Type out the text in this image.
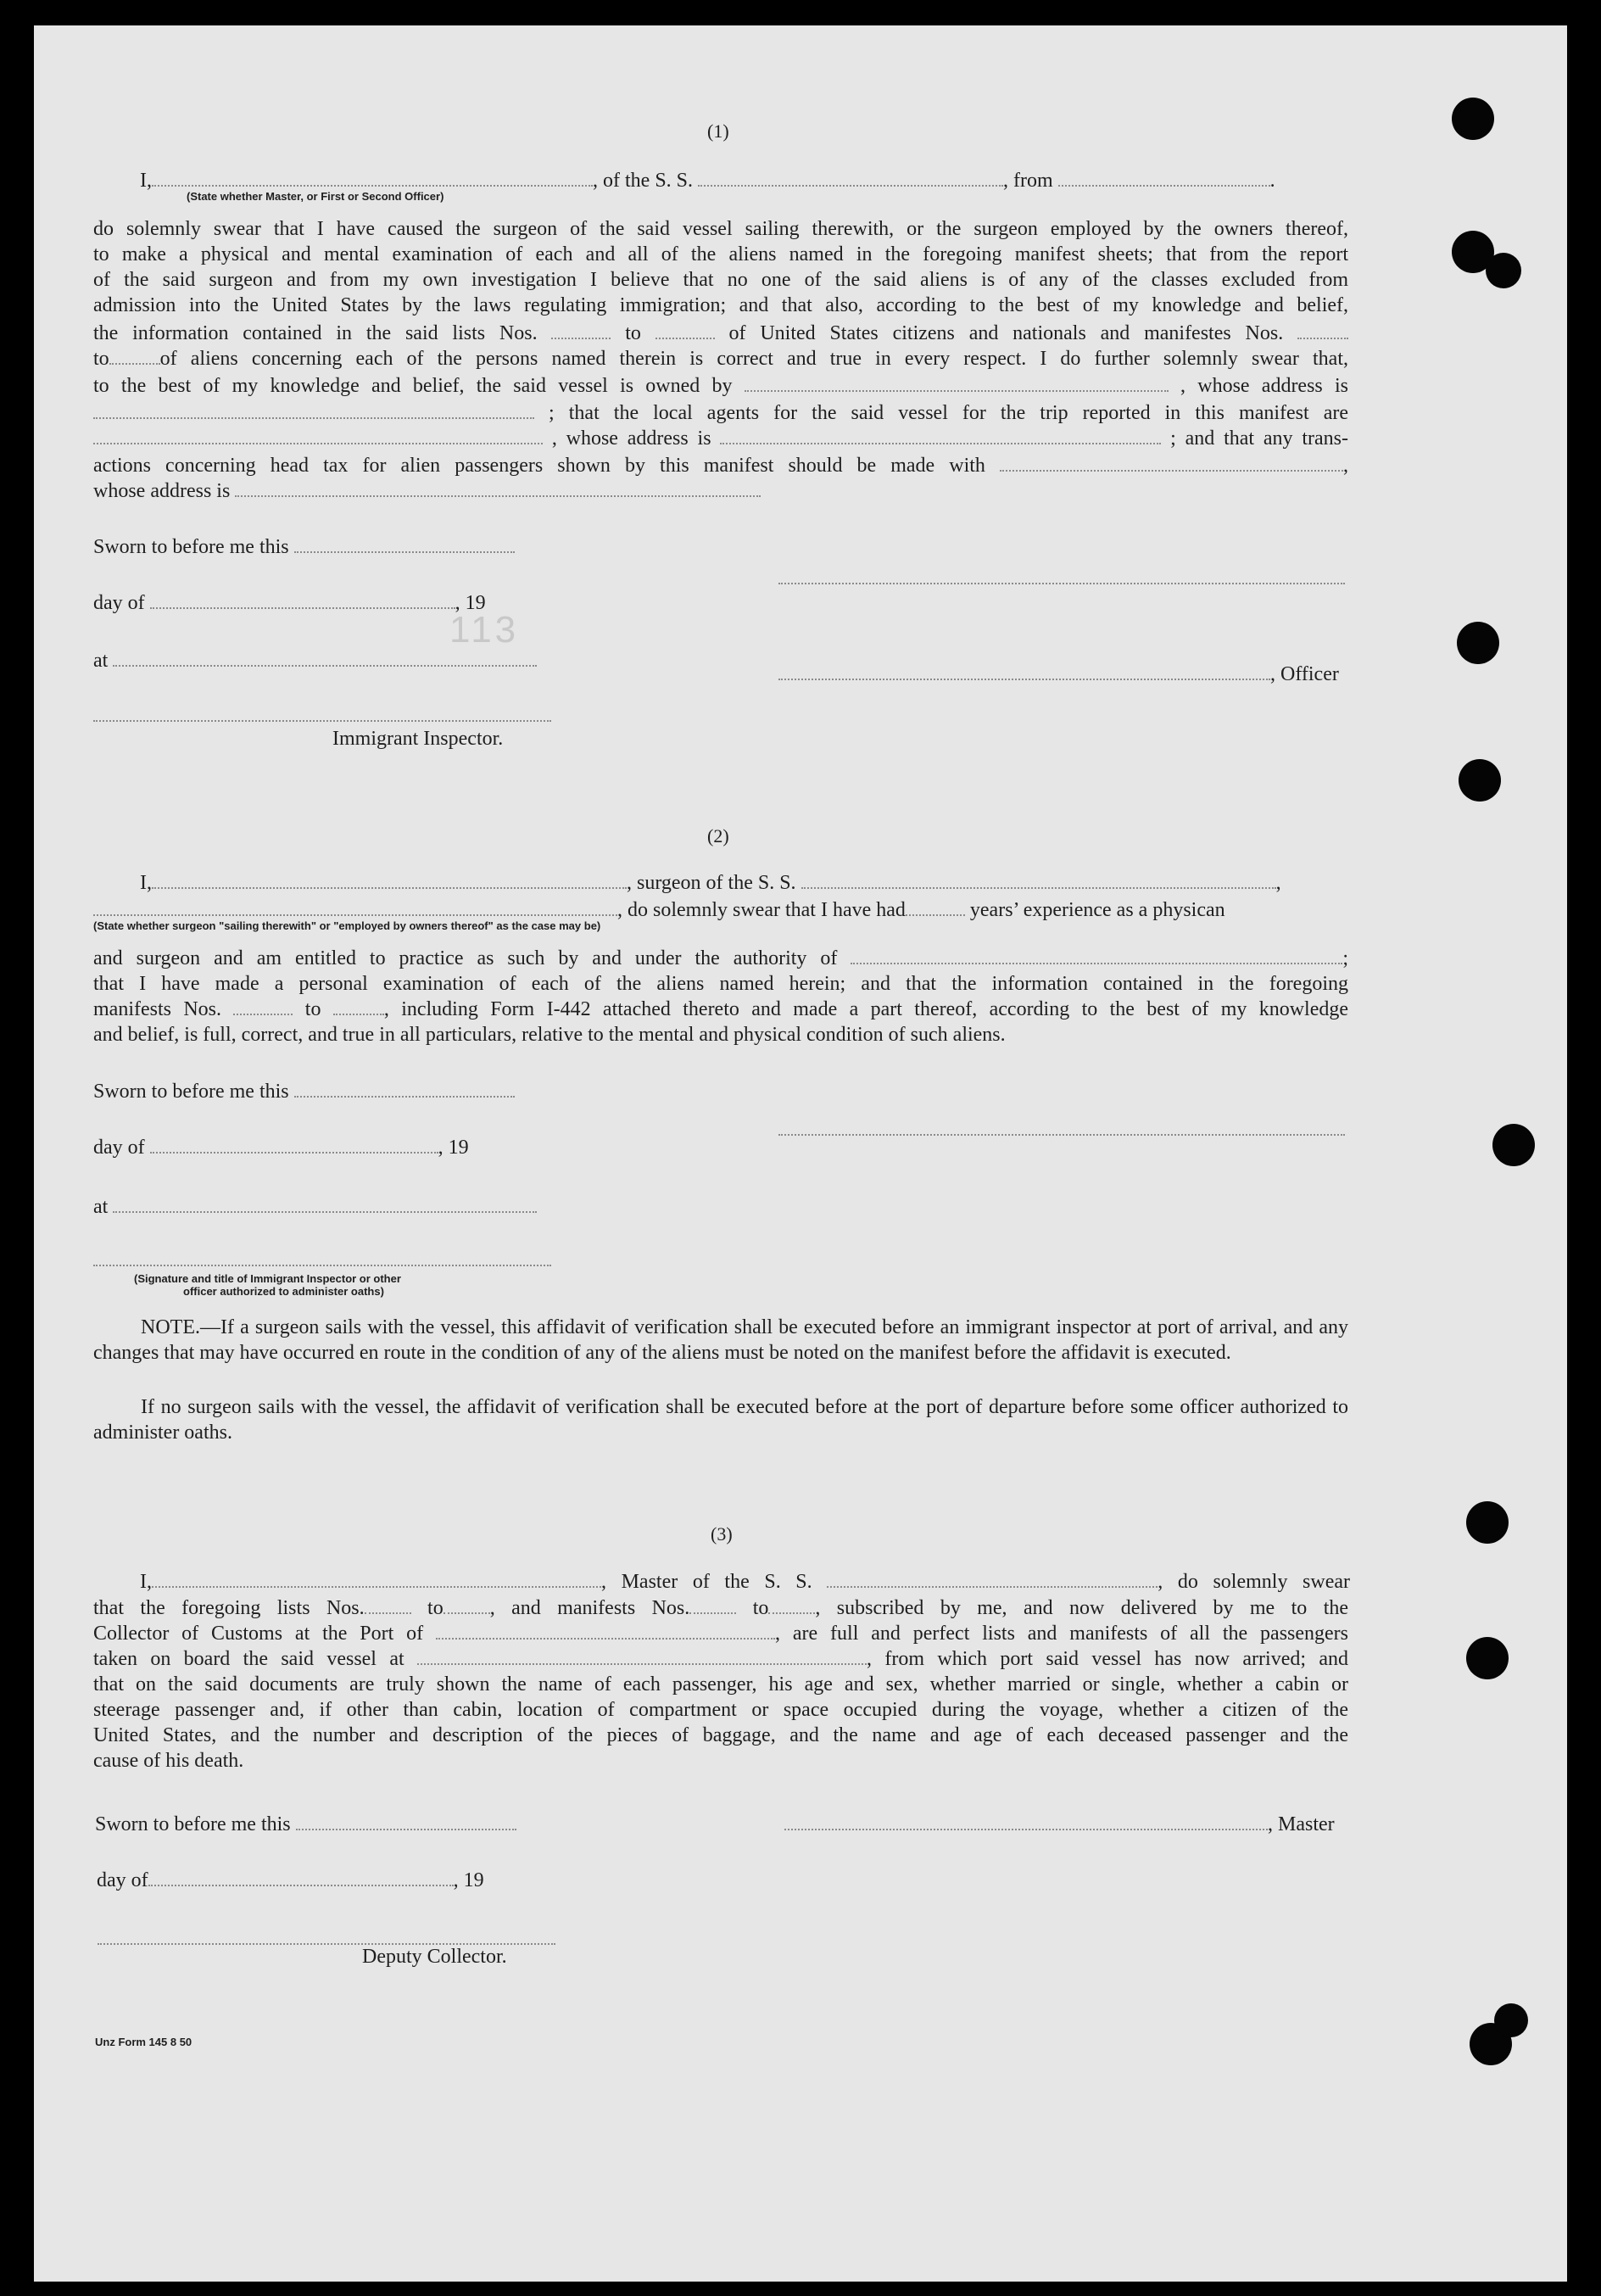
(1)
I,	, of the S. S.	, from	.
(State whether Master, or First or Second Officer)
do solemnly swear that I have caused the surgeon of the said vessel sailing therewith, or the surgeon employed by the owners thereof,
to make a physical and mental examination of each and all of the aliens named in the foregoing manifest sheets; that from the report
of the said surgeon and from my own investigation I believe that no one of the said aliens is of any of the classes excluded from
admission into the United States by the laws regulating immigration; and that also, according to the best of my knowledge and belief,
the information contained in the said lists Nos.	to	of United States citizens and nationals and manifestes Nos.
to	of aliens concerning each of the persons named therein is correct and true in every respect. I do further solemnly swear that,
to the best of my knowledge and belief, the said vessel is owned by	, whose address is
; that the local agents for the said vessel for the trip reported in this manifest are
, whose address is	; and that any trans-
actions concerning head tax for alien passengers shown by this manifest should be made with	,
whose address is
Sworn to before me this
day of	, 19
113
at
, Officer
Immigrant Inspector.
(2)
I,	, surgeon of the S. S.	,
, do solemnly swear that I have had	years’ experience as a physican
(State whether surgeon "sailing therewith" or "employed by owners thereof" as the case may be)
and surgeon and am entitled to practice as such by and under the authority of	;
that I have made a personal examination of each of the aliens named herein; and that the information contained in the foregoing
manifests Nos.	to	, including Form I-442 attached thereto and made a part thereof, according to the best of my knowledge
and belief, is full, correct, and true in all particulars, relative to the mental and physical condition of such aliens.
Sworn to before me this
day of	, 19
at
(Signature and title of Immigrant Inspector or other
officer authorized to administer oaths)
NOTE.—If a surgeon sails with the vessel, this affidavit of verification shall be executed before an immigrant inspector at port of arrival, and any changes that may have occurred en route in the condition of any of the aliens must be noted on the manifest before the affidavit is executed.
If no surgeon sails with the vessel, the affidavit of verification shall be executed before at the port of departure before some officer authorized to administer oaths.
(3)
I,	, Master of the S. S.	, do solemnly swear
that the foregoing lists Nos.	to , and manifests Nos.	to , subscribed by me, and now delivered by me to the
Collector of Customs at the Port of	, are full and perfect lists and manifests of all the passengers
taken on board the said vessel at	, from which port said vessel has now arrived; and
that on the said documents are truly shown the name of each passenger, his age and sex, whether married or single, whether a cabin or
steerage passenger and, if other than cabin, location of compartment or space occupied during the voyage, whether a citizen of the
United States, and the number and description of the pieces of baggage, and the name and age of each deceased passenger and the
cause of his death.
Sworn to before me this	, Master
day of	, 19
Deputy Collector.
Unz Form 145 8 50
